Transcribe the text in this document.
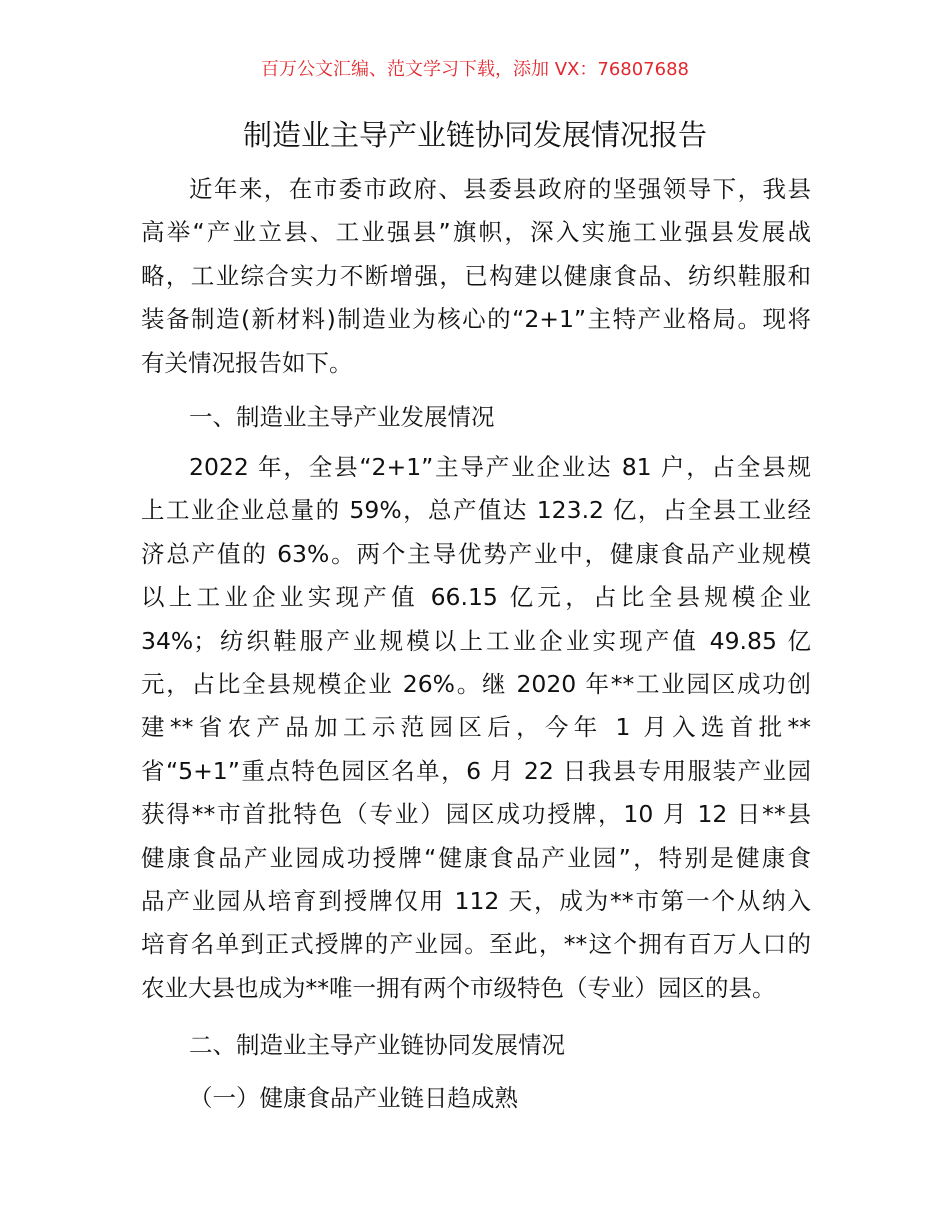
百万公文汇编、范文学习下载，添加 VX：76807688
制造业主导产业链协同发展情况报告
近年来，在市委市政府、县委县政府的坚强领导下，我县
高举“产业立县、工业强县”旗帜，深入实施工业强县发展战
略，工业综合实力不断增强，已构建以健康食品、纺织鞋服和
装备制造(新材料)制造业为核心的“2+1”主特产业格局。现将
有关情况报告如下。
一、制造业主导产业发展情况
2022 年，全县“2+1”主导产业企业达 81 户，占全县规
上工业企业总量的 59%，总产值达 123.2 亿，占全县工业经
济总产值的 63%。两个主导优势产业中，健康食品产业规模
以上工业企业实现产值 66.15 亿元，占比全县规模企业
34%；纺织鞋服产业规模以上工业企业实现产值 49.85 亿
元，占比全县规模企业 26%。继 2020 年**工业园区成功创
建**省农产品加工示范园区后，今年 1 月入选首批**
省“5+1”重点特色园区名单，6 月 22 日我县专用服装产业园
获得**市首批特色（专业）园区成功授牌，10 月 12 日**县
健康食品产业园成功授牌“健康食品产业园”，特别是健康食
品产业园从培育到授牌仅用 112 天，成为**市第一个从纳入
培育名单到正式授牌的产业园。至此，**这个拥有百万人口的
农业大县也成为**唯一拥有两个市级特色（专业）园区的县。
二、制造业主导产业链协同发展情况
（一）健康食品产业链日趋成熟
